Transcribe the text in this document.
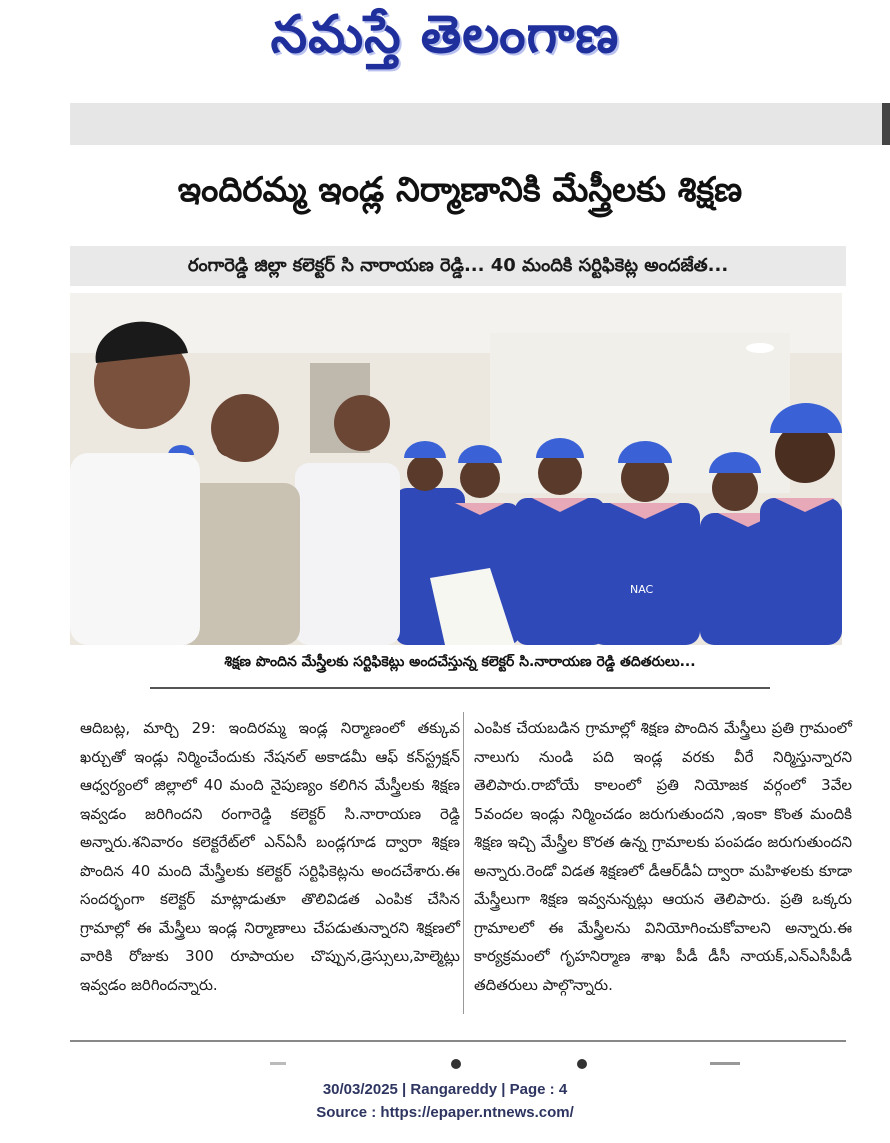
నమస్తే తెలంగాణ
ఇందిరమ్మ ఇండ్ల నిర్మాణానికి మేస్త్రీలకు శిక్షణ
రంగారెడ్డి జిల్లా కలెక్టర్ సి నారాయణ రెడ్డి... 40 మందికి సర్టిఫికెట్ల అందజేత...
NAC
శిక్షణ పొందిన మేస్త్రీలకు సర్టిఫికెట్లు అందచేస్తున్న కలెక్టర్ సి.నారాయణ రెడ్డి తదితరులు...
ఆదిబట్ల, మార్చి 29: ఇందిరమ్మ ఇండ్ల నిర్మాణంలో తక్కువ ఖర్చుతో ఇండ్లు నిర్మించేందుకు నేషనల్ అకాడమీ ఆఫ్ కన్‌స్ట్రక్షన్ ఆధ్వర్యంలో జిల్లాలో 40 మంది నైపుణ్యం కలిగిన మేస్త్రీలకు శిక్షణ ఇవ్వడం జరిగిందని రంగారెడ్డి కలెక్టర్ సి.నారాయణ రెడ్డి అన్నారు.శనివారం కలెక్టరేట్‌లో ఎన్ఏసీ బండ్లగూడ ద్వారా శిక్షణ పొందిన 40 మంది మేస్త్రీలకు కలెక్టర్ సర్టిఫికెట్లను అందచేశారు.ఈ సందర్భంగా కలెక్టర్ మాట్లాడుతూ తొలివిడత ఎంపిక చేసిన గ్రామాల్లో ఈ మేస్త్రీలు ఇండ్ల నిర్మాణాలు చేపడుతున్నారని శిక్షణలో వారికి రోజుకు 300 రూపాయల చొప్పున,డ్రెస్సులు,హెల్మెట్లు ఇవ్వడం జరిగిందన్నారు.
ఎంపిక చేయబడిన గ్రామాల్లో శిక్షణ పొందిన మేస్త్రీలు ప్రతి గ్రామంలో నాలుగు నుండి పది ఇండ్ల వరకు వీరే నిర్మిస్తున్నారని తెలిపారు.రాబోయే కాలంలో ప్రతి నియోజక వర్గంలో 3వేల 5వందల ఇండ్లు నిర్మించడం జరుగుతుందని ,ఇంకా కొంత మందికి శిక్షణ ఇచ్చి మేస్త్రీల కొరత ఉన్న గ్రామాలకు పంపడం జరుగుతుందని అన్నారు.రెండో విడత శిక్షణలో డీఆర్‌డీఏ ద్వారా మహిళలకు కూడా మేస్త్రీలుగా శిక్షణ ఇవ్వనున్నట్లు ఆయన తెలిపారు. ప్రతి ఒక్కరు గ్రామాలలో ఈ మేస్త్రీలను వినియోగించుకోవాలని అన్నారు.ఈ కార్యక్రమంలో గృహనిర్మాణ శాఖ పీడీ డీసీ నాయక్,ఎన్ఎసీపీడీ తదితరులు పాల్గొన్నారు.
30/03/2025 | Rangareddy | Page : 4
Source : https://epaper.ntnews.com/
